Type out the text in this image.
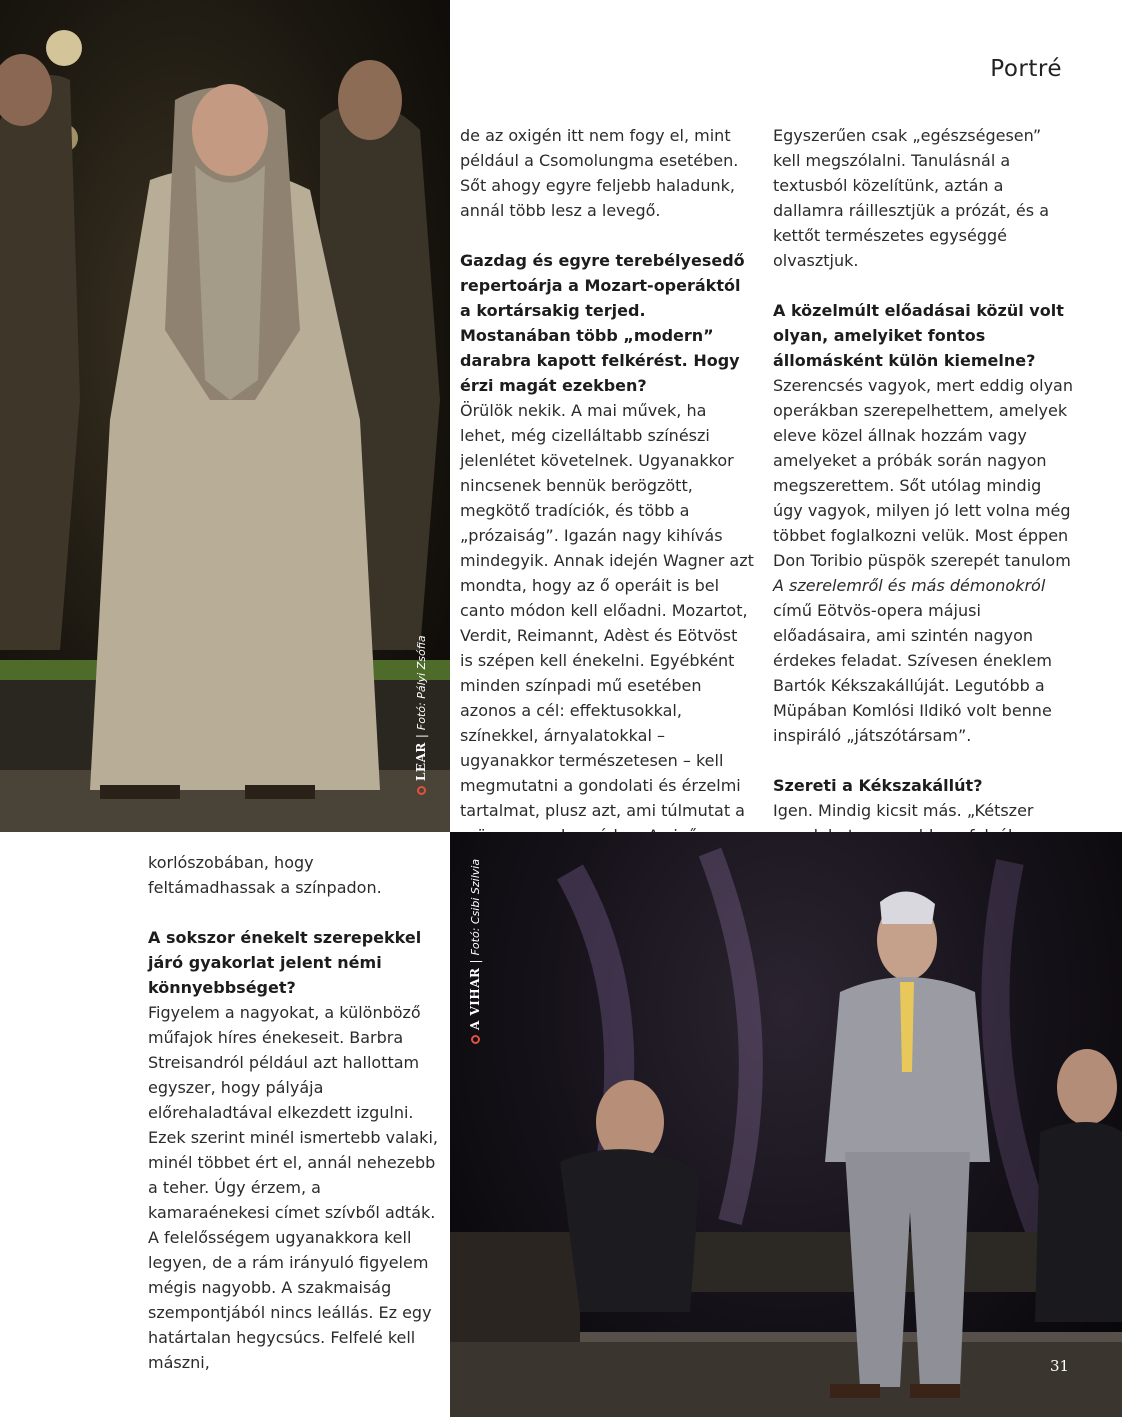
LEAR|Fotó: Pályi Zsófia
Portré

de az oxigén itt nem fogy el, mint például a Csomolungma esetében. Sőt ahogy egyre feljebb haladunk, annál több lesz a levegő.

Gazdag és egyre terebélyesedő repertoárja a Mozart-operáktól a kortársakig terjed. Mostanában több „modern” darabra kapott felkérést. Hogy érzi magát ezekben?

Örülök nekik. A mai művek, ha lehet, még cizelláltabb színészi jelenlétet követelnek. Ugyanakkor nincsenek bennük berögzött, megkötő tradíciók, és több a „prózaiság”. Igazán nagy kihívás mindegyik. Annak idején Wagner azt mondta, hogy az ő operáit is bel canto módon kell előadni. Mozartot, Verdit, Reimannt, Adèst és Eötvöst is szépen kell énekelni. Egyébként minden színpadi mű esetében azonos a cél: effektusokkal, színekkel, árnyalatokkal – ugyanakkor természetesen – kell megmutatni a gondolati és érzelmi tartalmat, plusz azt, ami túlmutat a

Egyszerűen csak „egészségesen” kell megszólalni. Tanulásnál a textusból közelítünk, aztán a dallamra ráillesztjük a prózát, és a kettőt természetes egységgé olvasztjuk.

A közelmúlt előadásai közül volt olyan, amelyiket fontos állomásként külön kiemelne?

Szerencsés vagyok, mert eddig olyan operákban szerepelhettem, amelyek eleve közel állnak hozzám vagy amelyeket a próbák során nagyon megszerettem. Sőt utólag mindig úgy vagyok, milyen jó lett volna még többet foglalkozni velük. Most éppen Don Toribio püspök szerepét tanulom A szerelemről és más démonokról című Eötvös-opera májusi előadásaira, ami szintén nagyon érdekes feladat. Szívesen éneklem Bartók Kékszakállúját. Legutóbb a Müpában Komlósi Ildikó volt benne inspiráló „játszótársam”.

Szereti a Kékszakállút?

Igen. Mindig kicsit más. „Kétszer

korlószobában, hogy feltámadhassak a színpadon.

A sokszor énekelt szerepekkel járó gyakorlat jelent némi könnyebbséget?

Figyelem a nagyokat, a különböző műfajok híres énekeseit. Barbra Streisandról például azt hallottam egyszer, hogy pályája előrehaladtával elkezdett izgulni. Ezek szerint minél ismertebb valaki, minél többet ért el, annál nehezebb a teher. Úgy érzem, a kamaraénekesi címet szívből adták. A felelősségem ugyanakkora kell legyen, de a rám irányuló figyelem mégis nagyobb. A szakmaiság szempontjából nincs leállás. Ez egy határtalan hegycsúcs. Felfelé kell mászni,	31
A VIHAR|Fotó: Csibi Szilvia
